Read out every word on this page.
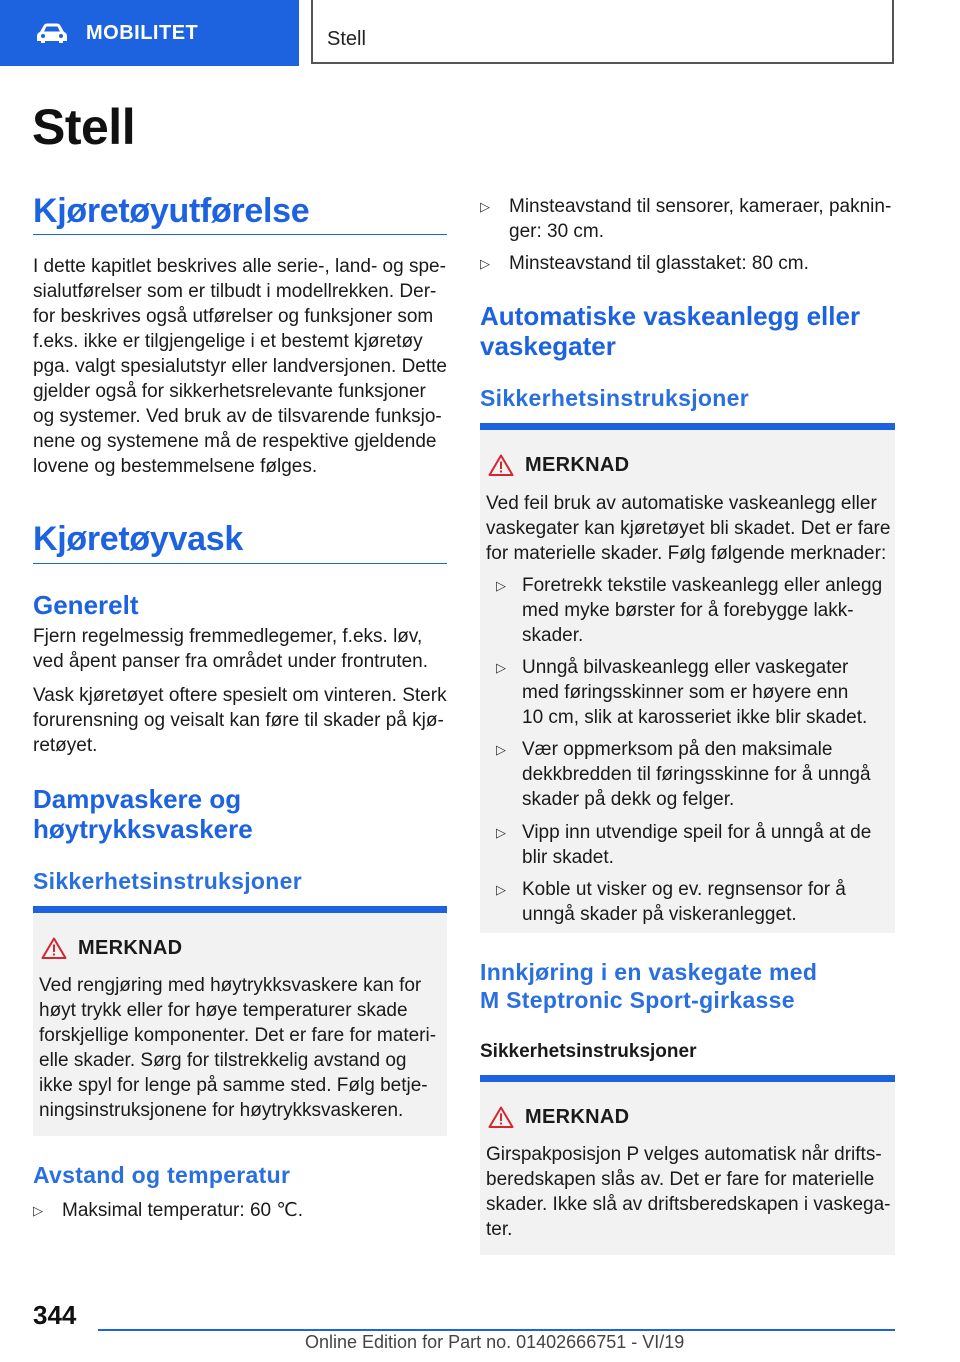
MOBILITET	Stell
Stell
Kjøretøyutførelse
I dette kapitlet beskrives alle serie-, land- og spe-
sialutførelser som er tilbudt i modellrekken. Der-
for beskrives også utførelser og funksjoner som
f.eks. ikke er tilgjengelige i et bestemt kjøretøy
pga. valgt spesialutstyr eller landversjonen. Dette
gjelder også for sikkerhetsrelevante funksjoner
og systemer. Ved bruk av de tilsvarende funksjo-
nene og systemene må de respektive gjeldende
lovene og bestemmelsene følges.
Kjøretøyvask
Generelt
Fjern regelmessig fremmedlegemer, f.eks. løv,
ved åpent panser fra området under frontruten.
Vask kjøretøyet oftere spesielt om vinteren. Sterk
forurensning og veisalt kan føre til skader på kjø-
retøyet.
Dampvaskere og
høytrykksvaskere
Sikkerhetsinstruksjoner
MERKNAD
Ved rengjøring med høytrykksvaskere kan for
høyt trykk eller for høye temperaturer skade
forskjellige komponenter. Det er fare for materi-
elle skader. Sørg for tilstrekkelig avstand og
ikke spyl for lenge på samme sted. Følg betje-
ningsinstruksjonene for høytrykksvaskeren.
Avstand og temperatur
▷ Maksimal temperatur: 60 ℃.
▷ Minsteavstand til sensorer, kameraer, paknin-
ger: 30 cm.
▷ Minsteavstand til glasstaket: 80 cm.
Automatiske vaskeanlegg eller
vaskegater
Sikkerhetsinstruksjoner
MERKNAD
Ved feil bruk av automatiske vaskeanlegg eller
vaskegater kan kjøretøyet bli skadet. Det er fare
for materielle skader. Følg følgende merknader:
▷ Foretrekk tekstile vaskeanlegg eller anlegg
med myke børster for å forebygge lakk-
skader.
▷ Unngå bilvaskeanlegg eller vaskegater
med føringsskinner som er høyere enn
10 cm, slik at karosseriet ikke blir skadet.
▷ Vær oppmerksom på den maksimale
dekkbredden til føringsskinne for å unngå
skader på dekk og felger.
▷ Vipp inn utvendige speil for å unngå at de
blir skadet.
▷ Koble ut visker og ev. regnsensor for å
unngå skader på viskeranlegget.
Innkjøring i en vaskegate med
M Steptronic Sport-girkasse
Sikkerhetsinstruksjoner
MERKNAD
Girspakposisjon P velges automatisk når drifts-
beredskapen slås av. Det er fare for materielle
skader. Ikke slå av driftsberedskapen i vaskega-
ter.
344
Online Edition for Part no. 01402666751 - VI/19
